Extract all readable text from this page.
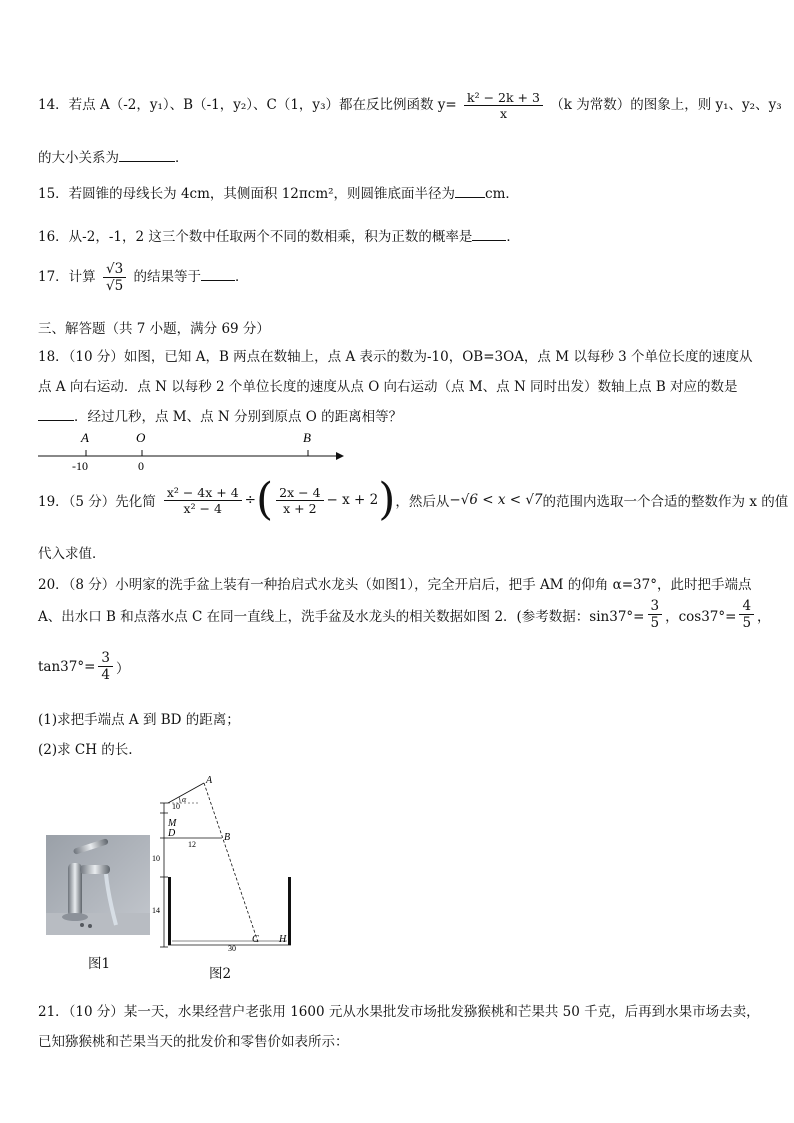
14．若点 A（-2，y₁）、B（-1，y₂）、C（1，y₃）都在反比例函数 $y= \frac{\text{k² − 2k + 3}}{x} (k$ 为常数）的图象上，则 y₁、y₂、y₃
的大小关系为	．
15．若圆锥的母线长为 4cm，其侧面积 12πcm²，则圆锥底面半径为 cm．
16．从-2，-1，2 这三个数中任取两个不同的数相乘，积为正数的概率是	．
17．计算 $\frac{√3}{√5}$ 的结果等于	．
三、解答题（共 7 小题，满分 69 分）
18．（10 分）如图，已知 A，B 两点在数轴上，点 A 表示的数为-10，OB=3OA，点 M 以每秒 3 个单位长度的速度从
点 A 向右运动．点 N 以每秒 2 个单位长度的速度从点 O 向右运动（点 M、点 N 同时出发）数轴上点 B 对应的数是
．经过几秒，点 M、点 N 分别到原点 O 的距离相等？
A	O	B
-10	0
19．（5 分）先化简 $\frac{\text{x² − 4x + 4}}{\text{x² − 4}}$ ÷ ( $\frac{2x - 4}{x + 2} - x + 2$ ) ，然后从 −√6 < x < √7 的范围内选取一个合适的整数作为 x 的值
代入求值．
20．（8 分）小明家的洗手盆上装有一种抬启式水龙头（如图1），完全开启后，把手 AM 的仰角 α=37°，此时把手端点
A、出水口 B 和点落水点 C 在同一直线上，洗手盆及水龙头的相关数据如图 2．(参考数据：$\sin 37^\circ= \frac{3}{5}$ ，$\cos 37^\circ= \frac{4}{5}$ ，
$\tan 37^\circ= \frac{3}{4}$ ）
(1)求把手端点 A 到 BD 的距离；
(2)求 CH 的长.
图1
A
10
α
M
D	B
12
10
14
30
C H
图2
21．（10 分）某一天，水果经营户老张用 1600 元从水果批发市场批发猕猴桃和芒果共 50 千克，后再到水果市场去卖，
已知猕猴桃和芒果当天的批发价和零售价如表所示：
